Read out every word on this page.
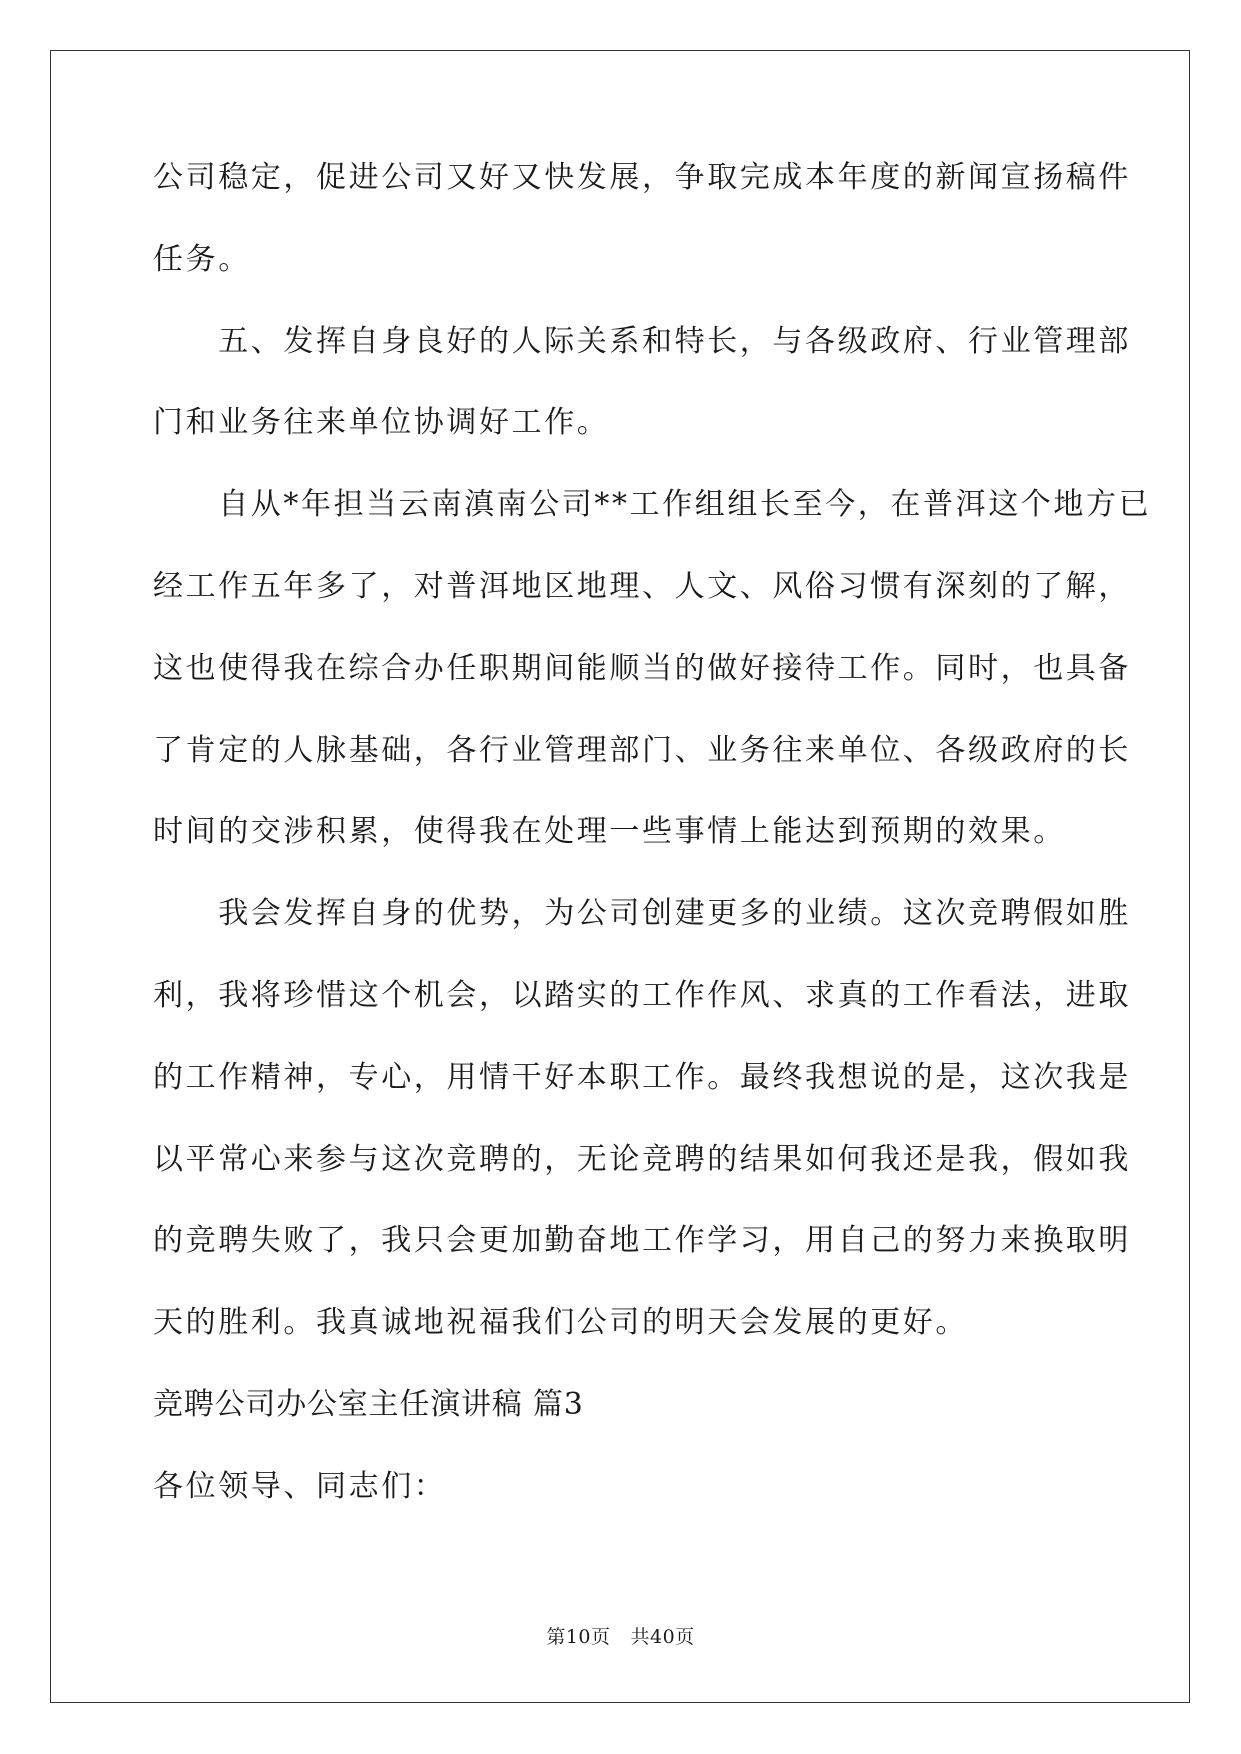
公司稳定，促进公司又好又快发展，争取完成本年度的新闻宣扬稿件

任务。

　　五、发挥自身良好的人际关系和特长，与各级政府、行业管理部

门和业务往来单位协调好工作。

　　自从*年担当云南滇南公司**工作组组长至今，在普洱这个地方已

经工作五年多了，对普洱地区地理、人文、风俗习惯有深刻的了解，

这也使得我在综合办任职期间能顺当的做好接待工作。同时，也具备

了肯定的人脉基础，各行业管理部门、业务往来单位、各级政府的长

时间的交涉积累，使得我在处理一些事情上能达到预期的效果。

　　我会发挥自身的优势，为公司创建更多的业绩。这次竞聘假如胜

利，我将珍惜这个机会，以踏实的工作作风、求真的工作看法，进取

的工作精神，专心，用情干好本职工作。最终我想说的是，这次我是

以平常心来参与这次竞聘的，无论竞聘的结果如何我还是我，假如我

的竞聘失败了，我只会更加勤奋地工作学习，用自己的努力来换取明

天的胜利。我真诚地祝福我们公司的明天会发展的更好。

竞聘公司办公室主任演讲稿 篇3

各位领导、同志们：

第10页 共40页
